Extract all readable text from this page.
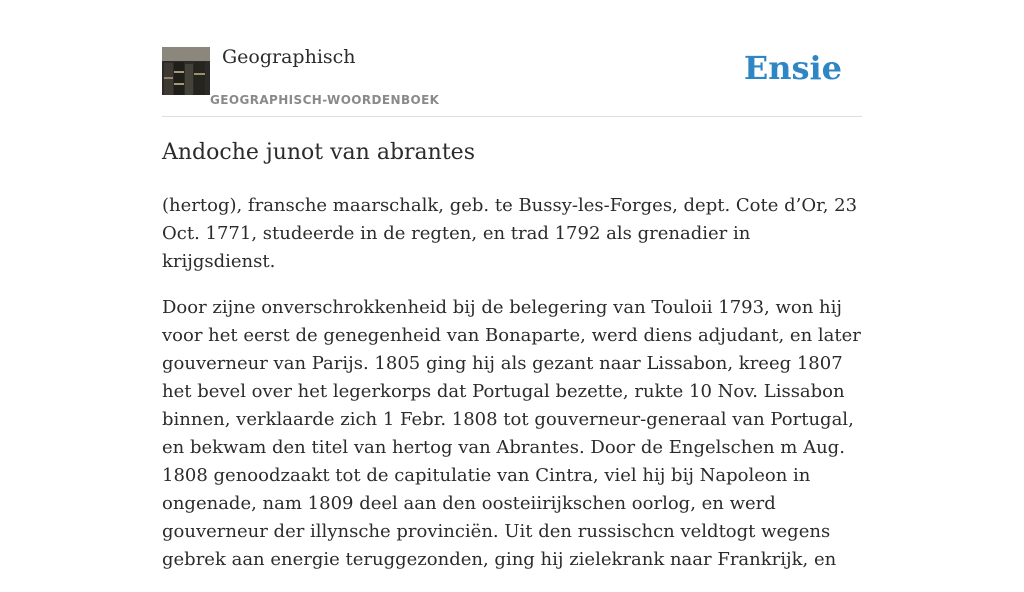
Geographisch
GEOGRAPHISCH-WOORDENBOEK
Ensie
Andoche junot van abrantes

(hertog), fransche maarschalk, geb. te Bussy-les-Forges, dept. Cote d’Or, 23 Oct. 1771, studeerde in de regten, en trad 1792 als grenadier in krijgsdienst.

Door zijne onverschrokkenheid bij de belegering van Touloii 1793, won hij voor het eerst de genegenheid van Bonaparte, werd diens adjudant, en later gouverneur van Parijs. 1805 ging hij als gezant naar Lissabon, kreeg 1807 het bevel over het legerkorps dat Portugal bezette, rukte 10 Nov. Lissabon binnen, verklaarde zich 1 Febr. 1808 tot gouverneur-generaal van Portugal, en bekwam den titel van hertog van Abrantes. Door de Engelschen m Aug. 1808 genoodzaakt tot de capitulatie van Cintra, viel hij bij Napoleon in ongenade, nam 1809 deel aan den oosteiirijkschen oorlog, en werd gouverneur der illynsche provinciën. Uit den russischcn veldtogt wegens gebrek aan energie teruggezonden, ging hij zielekrank naar Frankrijk, en
